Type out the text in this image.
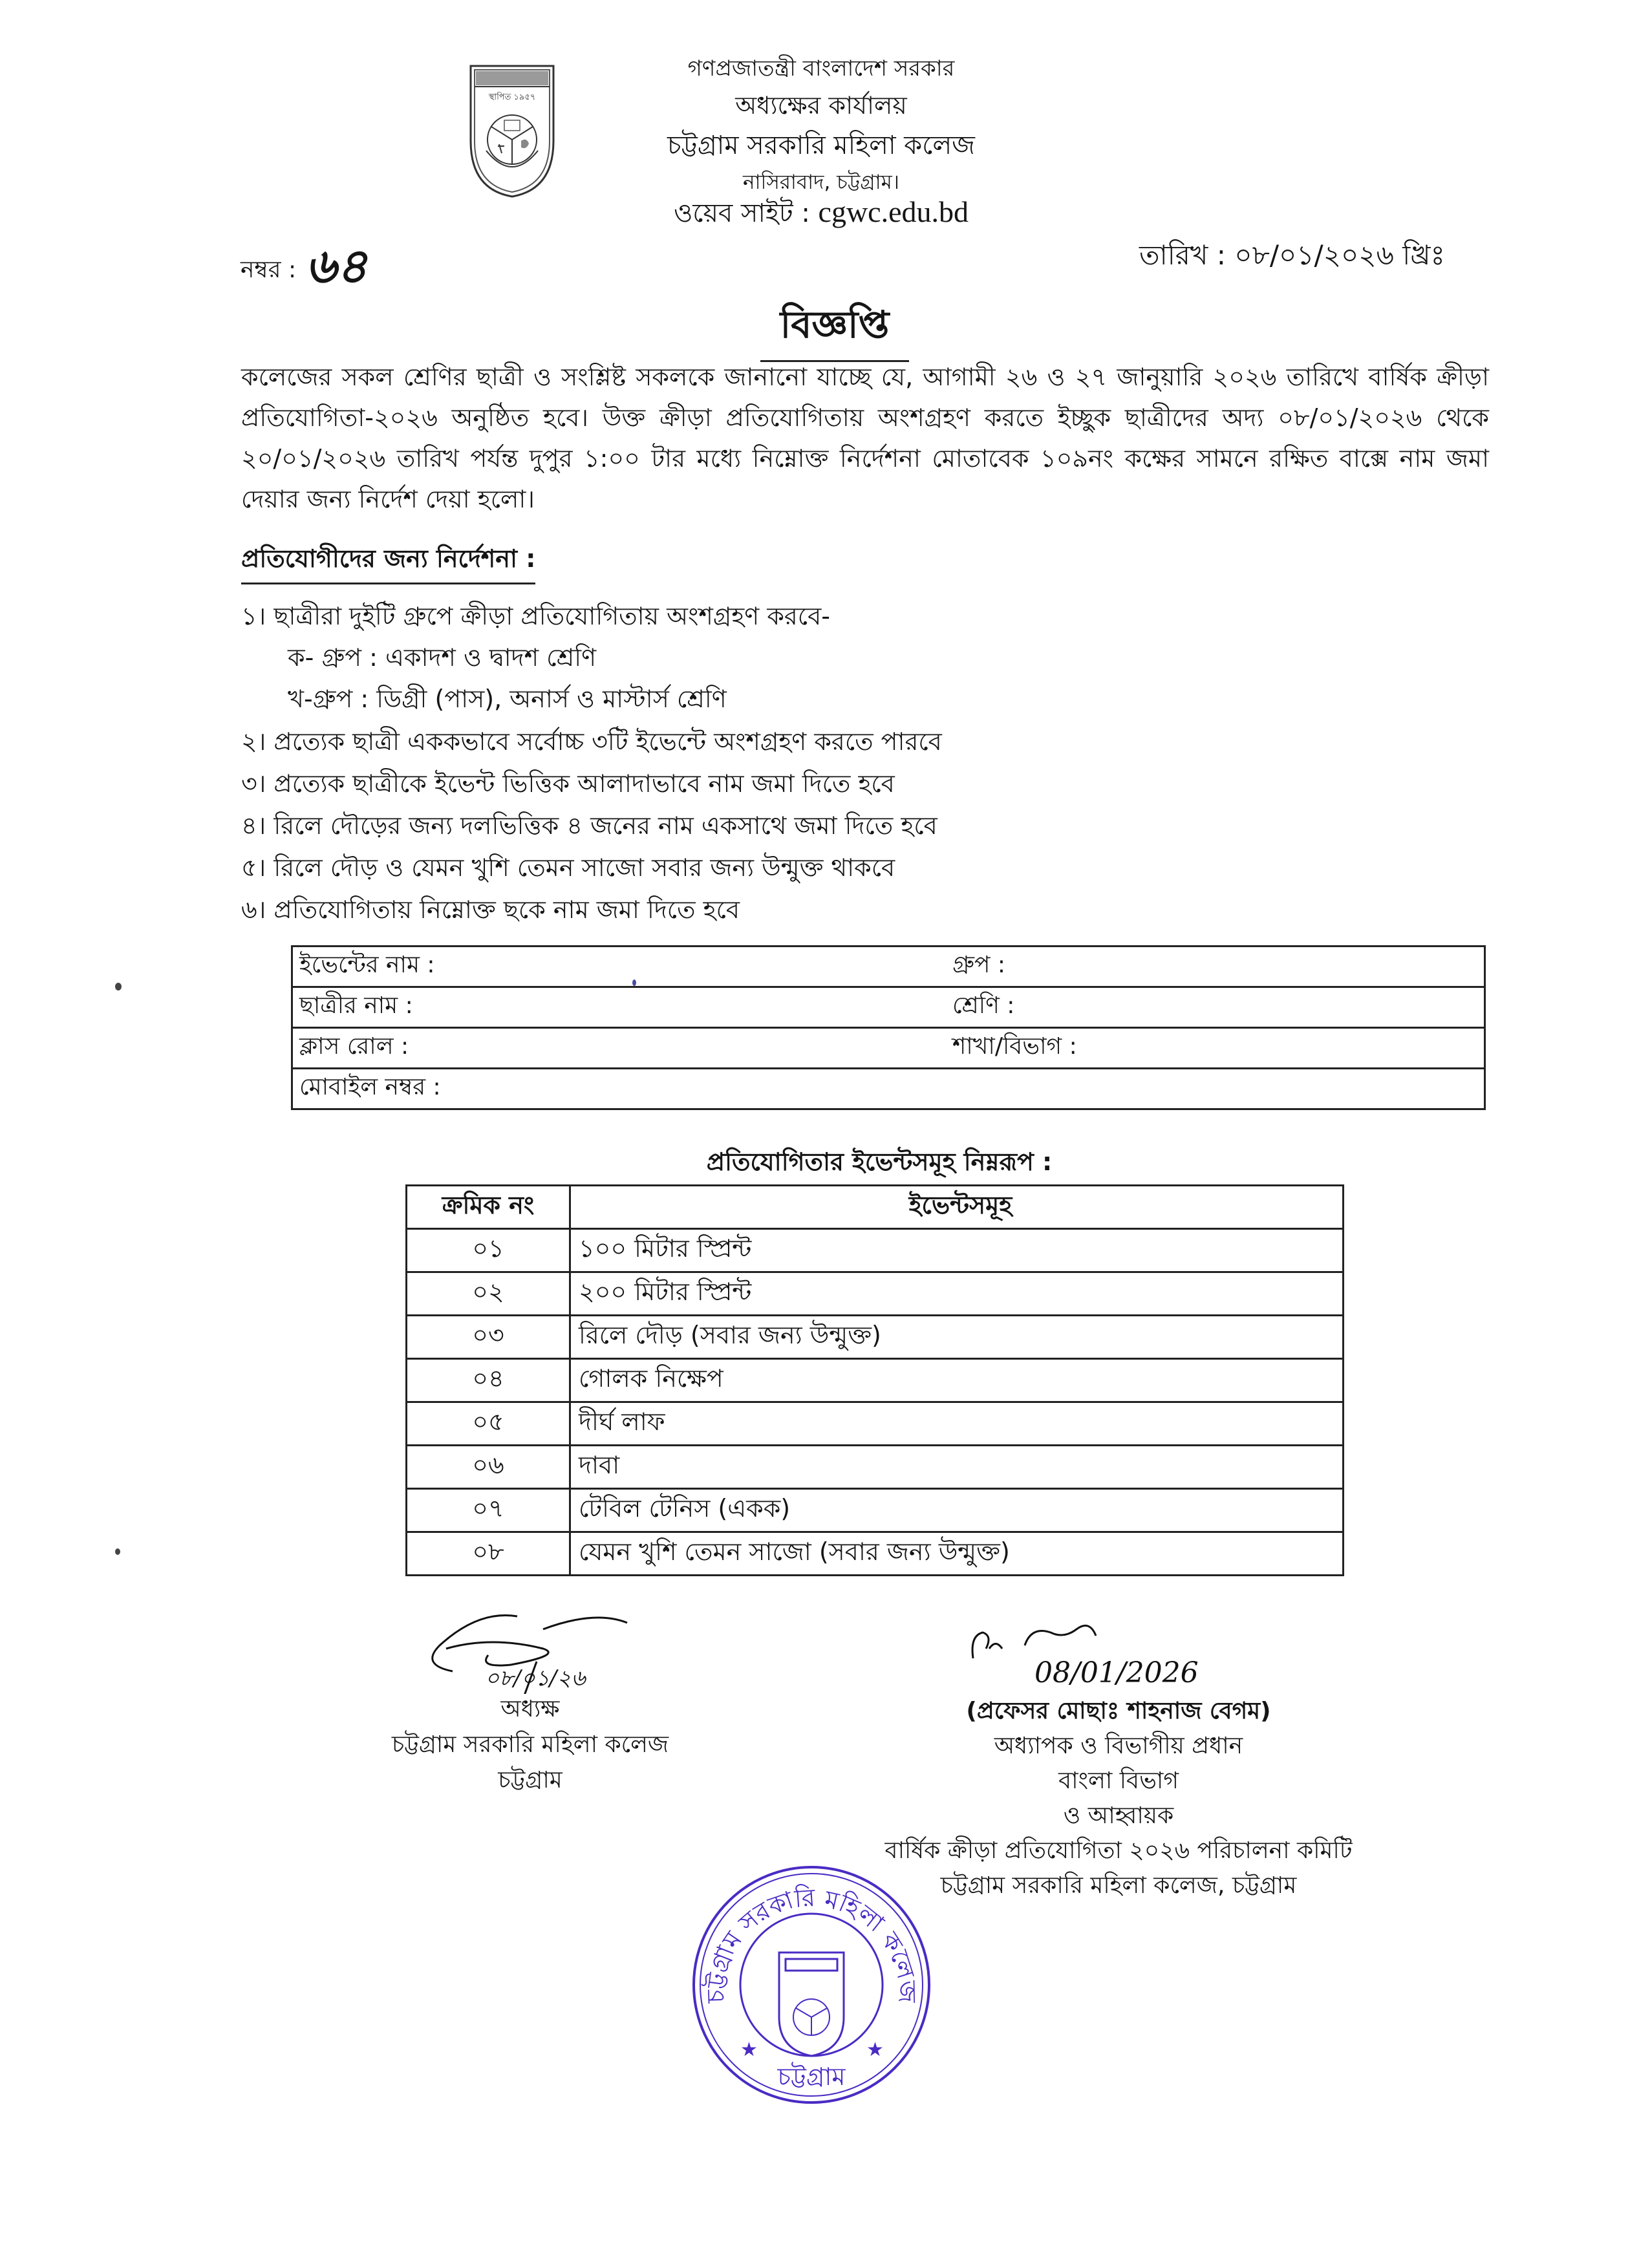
স্থাপিত ১৯৫৭
গণপ্রজাতন্ত্রী বাংলাদেশ সরকার
অধ্যক্ষের কার্যালয়
চট্টগ্রাম সরকারি মহিলা কলেজ
নাসিরাবাদ, চট্টগ্রাম।
ওয়েব সাইট : cgwc.edu.bd
নম্বর : ৬৪	তারিখ : ০৮/০১/২০২৬ খ্রিঃ
বিজ্ঞপ্তি
কলেজের সকল শ্রেণির ছাত্রী ও সংশ্লিষ্ট সকলকে জানানো যাচ্ছে যে, আগামী ২৬ ও ২৭ জানুয়ারি ২০২৬ তারিখে বার্ষিক ক্রীড়া প্রতিযোগিতা-২০২৬ অনুষ্ঠিত হবে। উক্ত ক্রীড়া প্রতিযোগিতায় অংশগ্রহণ করতে ইচ্ছুক ছাত্রীদের অদ্য ০৮/০১/২০২৬ থেকে ২০/০১/২০২৬ তারিখ পর্যন্ত দুপুর ১:০০ টার মধ্যে নিম্নোক্ত নির্দেশনা মোতাবেক ১০৯নং কক্ষের সামনে রক্ষিত বাক্সে নাম জমা দেয়ার জন্য নির্দেশ দেয়া হলো।
প্রতিযোগীদের জন্য নির্দেশনা :
১। ছাত্রীরা দুইটি গ্রুপে ক্রীড়া প্রতিযোগিতায় অংশগ্রহণ করবে-
ক- গ্রুপ : একাদশ ও দ্বাদশ শ্রেণি
খ-গ্রুপ : ডিগ্রী (পাস), অনার্স ও মাস্টার্স শ্রেণি
২। প্রত্যেক ছাত্রী এককভাবে সর্বোচ্চ ৩টি ইভেন্টে অংশগ্রহণ করতে পারবে
৩। প্রত্যেক ছাত্রীকে ইভেন্ট ভিত্তিক আলাদাভাবে নাম জমা দিতে হবে
৪। রিলে দৌড়ের জন্য দলভিত্তিক ৪ জনের নাম একসাথে জমা দিতে হবে
৫। রিলে দৌড় ও যেমন খুশি তেমন সাজো সবার জন্য উন্মুক্ত থাকবে
৬। প্রতিযোগিতায় নিম্নোক্ত ছকে নাম জমা দিতে হবে
ইভেন্টের নাম :	গ্রুপ :
ছাত্রীর নাম :	শ্রেণি :
ক্লাস রোল :	শাখা/বিভাগ :
মোবাইল নম্বর :	
প্রতিযোগিতার ইভেন্টসমূহ নিম্নরূপ :
ক্রমিক নং	ইভেন্টসমূহ
০১	১০০ মিটার স্প্রিন্ট
০২	২০০ মিটার স্প্রিন্ট
০৩	রিলে দৌড় (সবার জন্য উন্মুক্ত)
০৪	গোলক নিক্ষেপ
০৫	দীর্ঘ লাফ
০৬	দাবা
০৭	টেবিল টেনিস (একক)
০৮	যেমন খুশি তেমন সাজো (সবার জন্য উন্মুক্ত)
০৮/০১/২৬
অধ্যক্ষ
চট্টগ্রাম সরকারি মহিলা কলেজ
চট্টগ্রাম
08/01/2026
(প্রফেসর মোছাঃ শাহনাজ বেগম)
অধ্যাপক ও বিভাগীয় প্রধান
বাংলা বিভাগ
ও আহ্বায়ক
বার্ষিক ক্রীড়া প্রতিযোগিতা ২০২৬ পরিচালনা কমিটি
চট্টগ্রাম সরকারি মহিলা কলেজ, চট্টগ্রাম
চট্টগ্রাম সরকারি মহিলা কলেজ
চট্টগ্রাম
★	★
